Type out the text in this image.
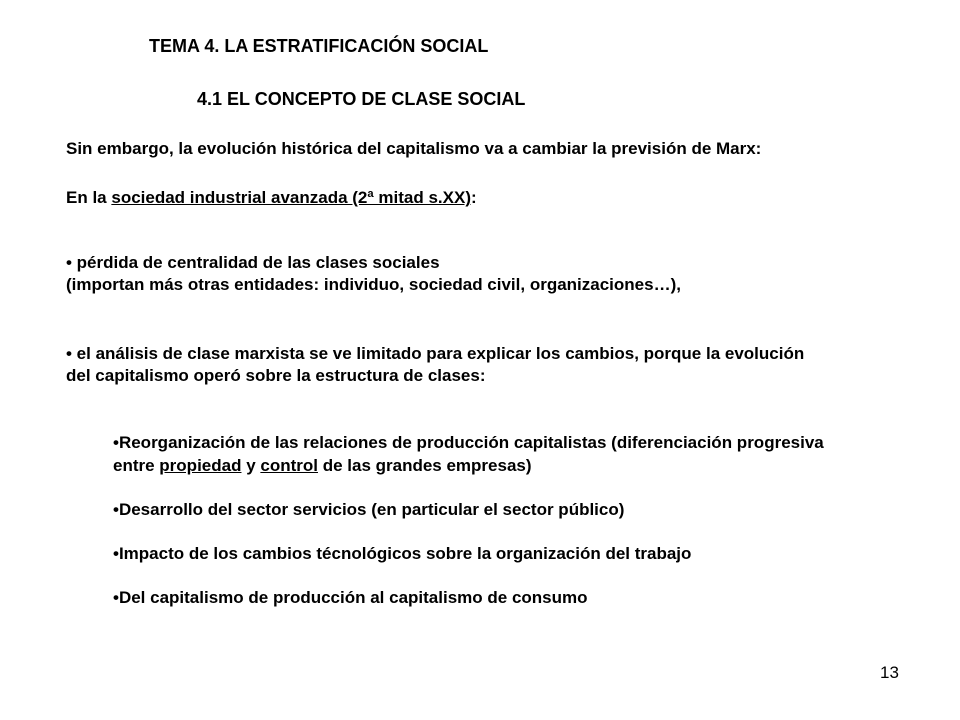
TEMA 4. LA ESTRATIFICACIÓN SOCIAL
4.1 EL CONCEPTO DE CLASE SOCIAL
Sin embargo, la evolución histórica del capitalismo va a cambiar la previsión de Marx:
En la sociedad industrial avanzada (2ª mitad s.XX):
• pérdida de centralidad de las clases sociales
(importan más otras entidades: individuo, sociedad civil, organizaciones…),
• el análisis de clase marxista se ve limitado para explicar los cambios, porque la evolución
del capitalismo operó sobre la estructura de clases:
•Reorganización de las relaciones de producción capitalistas (diferenciación progresiva
entre propiedad y control de las grandes empresas)
•Desarrollo del sector servicios (en particular el sector público)
•Impacto de los cambios técnológicos sobre la organización del trabajo
•Del capitalismo de producción al capitalismo de consumo
13
